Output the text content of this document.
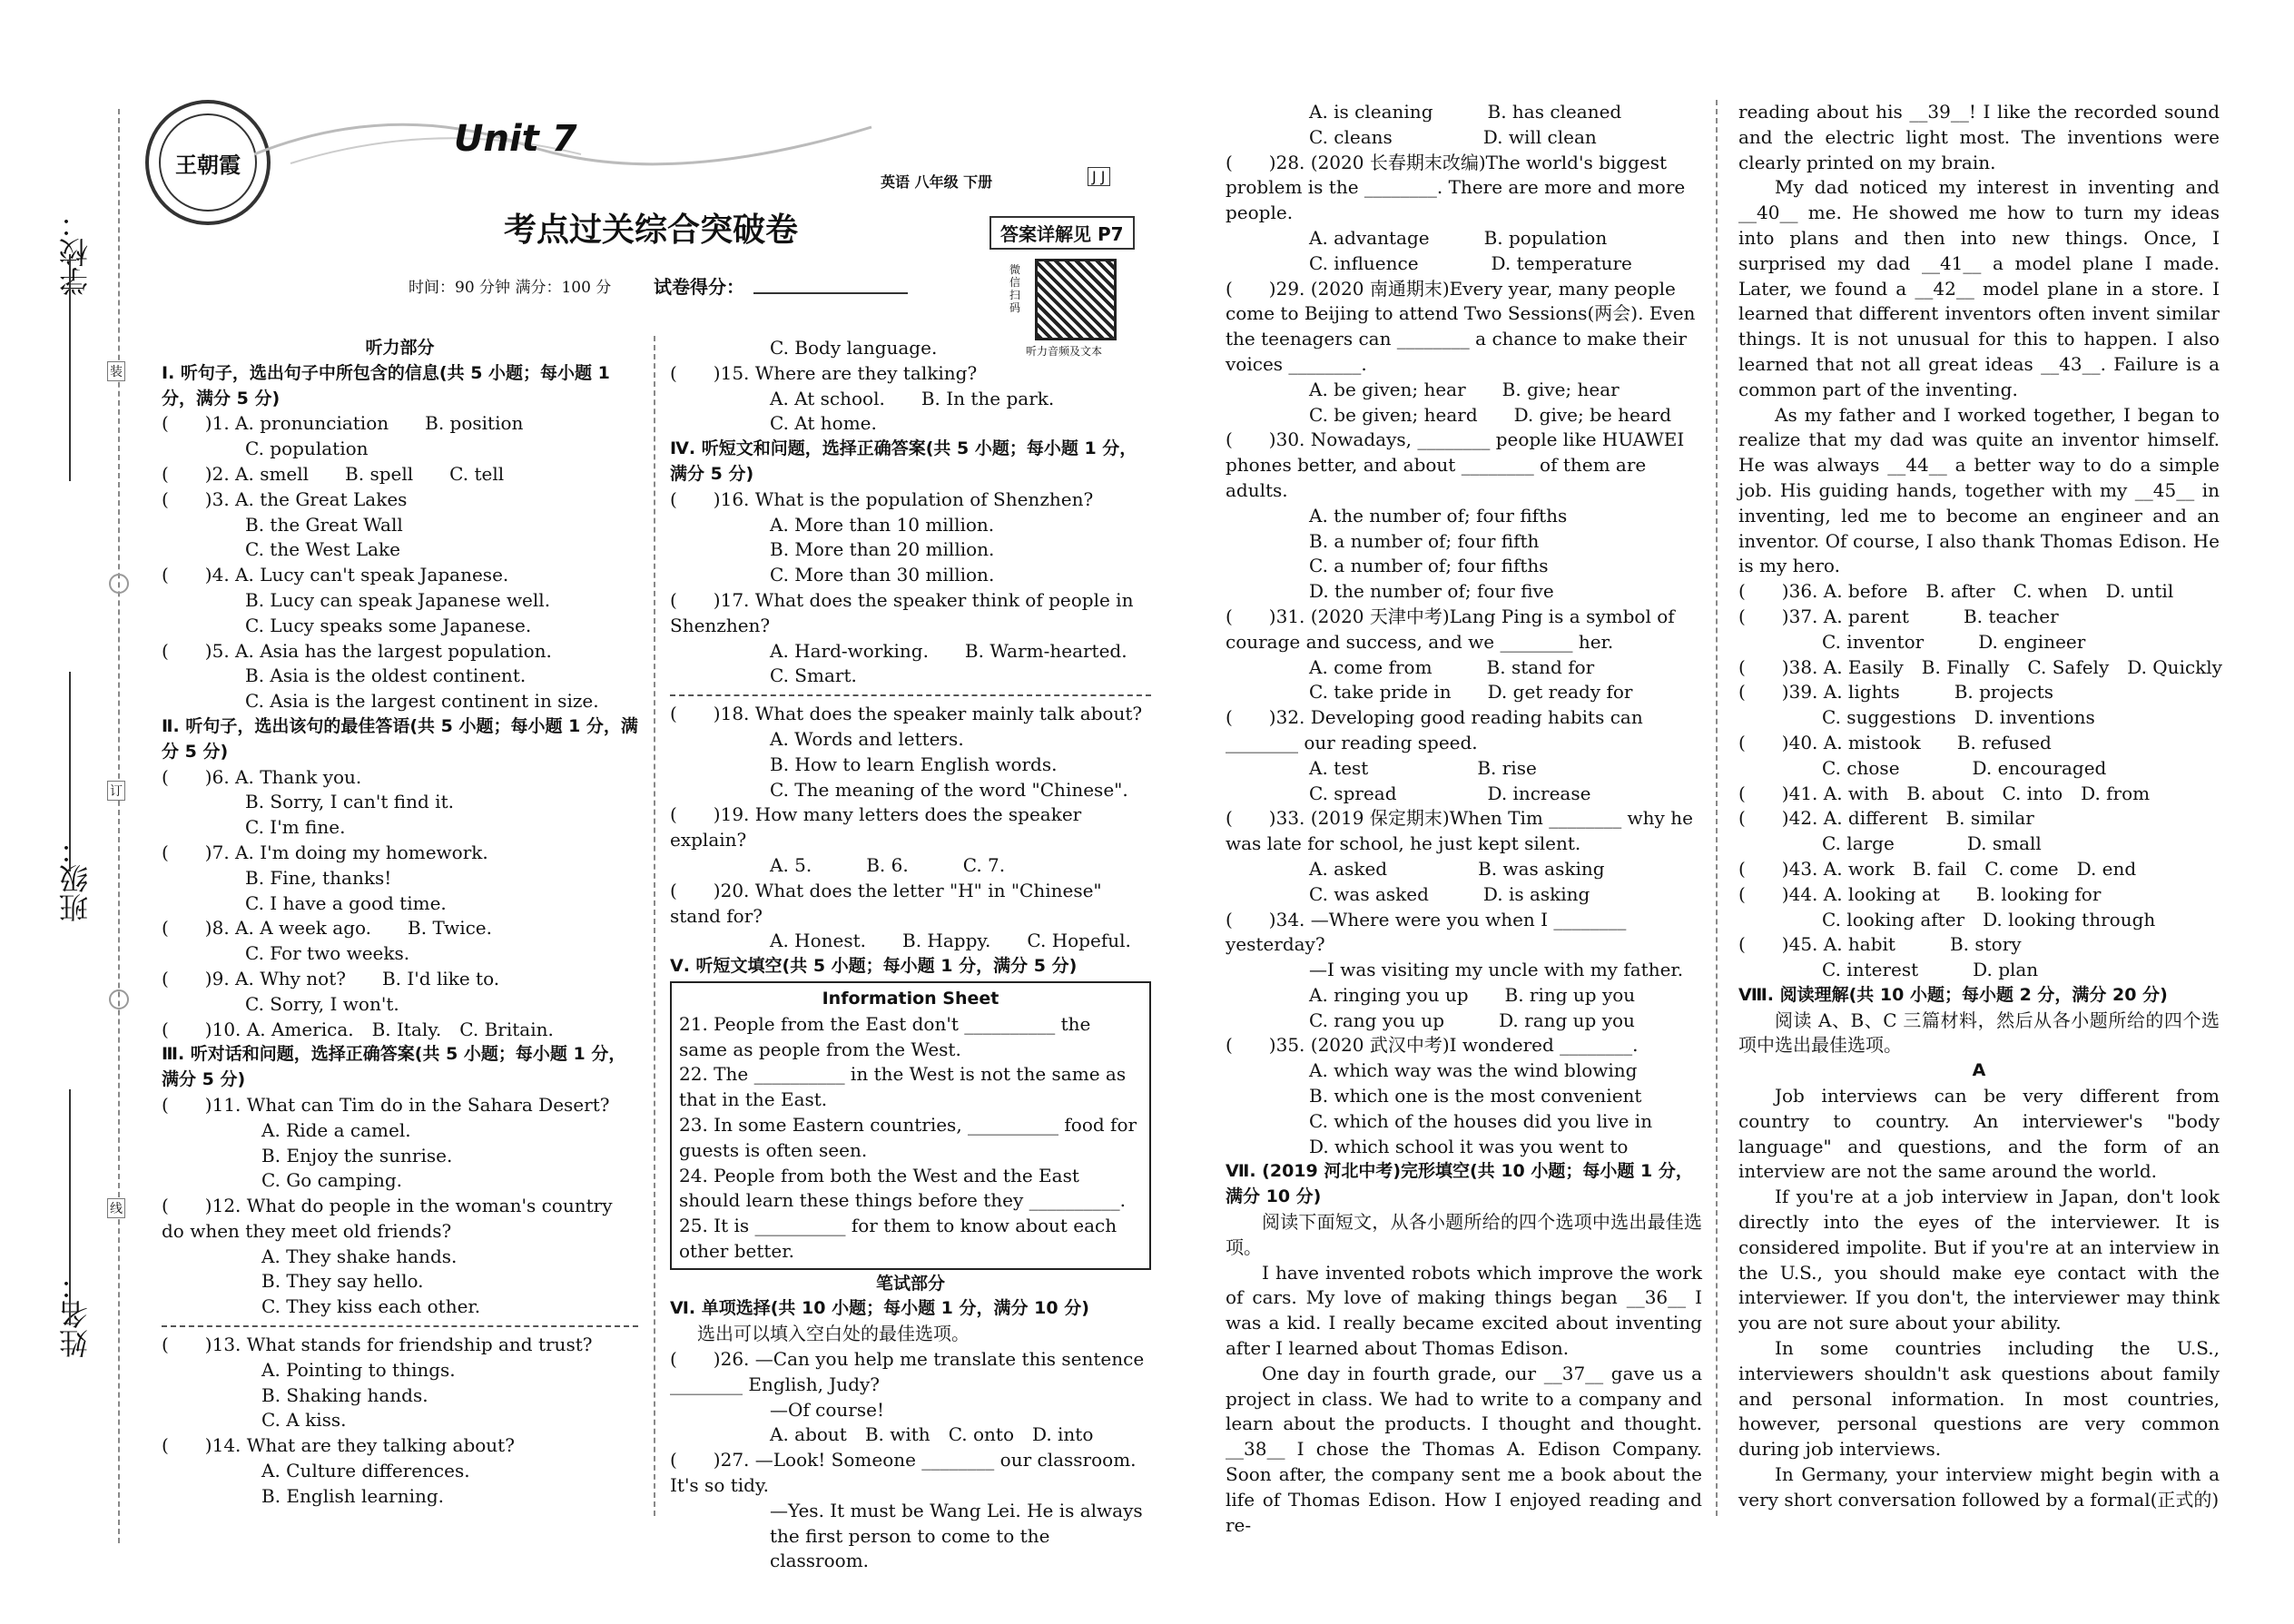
学校：
班级：
姓名：
装
订
线
王朝霞
Unit 7
英语 八年级 下册	J J
考点过关综合突破卷	答案详解见 P7
时间：90 分钟 满分：100 分 试卷得分：
微信扫码
听力音频及文本
听力部分
Ⅰ. 听句子，选出句子中所包含的信息(共 5 小题；每小题 1 分，满分 5 分)
(　　)1. A. pronunciation　　B. position
C. population
(　　)2. A. smell　　B. spell　　C. tell
(　　)3. A. the Great Lakes
B. the Great Wall
C. the West Lake
(　　)4. A. Lucy can't speak Japanese.
B. Lucy can speak Japanese well.
C. Lucy speaks some Japanese.
(　　)5. A. Asia has the largest population.
B. Asia is the oldest continent.
C. Asia is the largest continent in size.
Ⅱ. 听句子，选出该句的最佳答语(共 5 小题；每小题 1 分，满分 5 分)
(　　)6. A. Thank you.
B. Sorry, I can't find it.
C. I'm fine.
(　　)7. A. I'm doing my homework.
B. Fine, thanks!
C. I have a good time.
(　　)8. A. A week ago.　　B. Twice.
C. For two weeks.
(　　)9. A. Why not?　　B. I'd like to.
C. Sorry, I won't.
(　　)10. A. America.　B. Italy.　C. Britain.
Ⅲ. 听对话和问题，选择正确答案(共 5 小题；每小题 1 分，满分 5 分)
(　　)11. What can Tim do in the Sahara Desert?
A. Ride a camel.
B. Enjoy the sunrise.
C. Go camping.
(　　)12. What do people in the woman's country do when they meet old friends?
A. They shake hands.
B. They say hello.
C. They kiss each other.
(　　)13. What stands for friendship and trust?
A. Pointing to things.
B. Shaking hands.
C. A kiss.
(　　)14. What are they talking about?
A. Culture differences.
B. English learning.
C. Body language.
(　　)15. Where are they talking?
A. At school.　　B. In the park.
C. At home.
Ⅳ. 听短文和问题，选择正确答案(共 5 小题；每小题 1 分，满分 5 分)
(　　)16. What is the population of Shenzhen?
A. More than 10 million.
B. More than 20 million.
C. More than 30 million.
(　　)17. What does the speaker think of people in Shenzhen?
A. Hard-working.　　B. Warm-hearted.
C. Smart.
(　　)18. What does the speaker mainly talk about?
A. Words and letters.
B. How to learn English words.
C. The meaning of the word "Chinese".
(　　)19. How many letters does the speaker explain?
A. 5.　　　B. 6.　　　C. 7.
(　　)20. What does the letter "H" in "Chinese" stand for?
A. Honest.　　B. Happy.　　C. Hopeful.
Ⅴ. 听短文填空(共 5 小题；每小题 1 分，满分 5 分)
Information Sheet
21. People from the East don't __________ the same as people from the West.
22. The __________ in the West is not the same as that in the East.
23. In some Eastern countries, __________ food for guests is often seen.
24. People from both the West and the East should learn these things before they __________.
25. It is __________ for them to know about each other better.
笔试部分
Ⅵ. 单项选择(共 10 小题；每小题 1 分，满分 10 分)
选出可以填入空白处的最佳选项。
(　　)26. —Can you help me translate this sentence ________ English, Judy?
—Of course!
A. about　B. with　C. onto　D. into
(　　)27. —Look! Someone ________ our classroom. It's so tidy.
—Yes. It must be Wang Lei. He is always the first person to come to the classroom.
A. is cleaning　　　B. has cleaned
C. cleans　　　　　D. will clean
(　　)28. (2020 长春期末改编)The world's biggest problem is the ________. There are more and more people.
A. advantage　　　B. population
C. influence　　　　D. temperature
(　　)29. (2020 南通期末)Every year, many people come to Beijing to attend Two Sessions(两会). Even the teenagers can ________ a chance to make their voices ________.
A. be given; hear　　B. give; hear
C. be given; heard　　D. give; be heard
(　　)30. Nowadays, ________ people like HUAWEI phones better, and about ________ of them are adults.
A. the number of; four fifths
B. a number of; four fifth
C. a number of; four fifths
D. the number of; four five
(　　)31. (2020 天津中考)Lang Ping is a symbol of courage and success, and we ________ her.
A. come from　　　B. stand for
C. take pride in　　D. get ready for
(　　)32. Developing good reading habits can ________ our reading speed.
A. test　　　　　　B. rise
C. spread　　　　　D. increase
(　　)33. (2019 保定期末)When Tim ________ why he was late for school, he just kept silent.
A. asked　　　　　B. was asking
C. was asked　　　D. is asking
(　　)34. —Where were you when I ________ yesterday?
—I was visiting my uncle with my father.
A. ringing you up　　B. ring up you
C. rang you up　　　D. rang up you
(　　)35. (2020 武汉中考)I wondered ________.
A. which way was the wind blowing
B. which one is the most convenient
C. which of the houses did you live in
D. which school it was you went to
Ⅶ. (2019 河北中考)完形填空(共 10 小题；每小题 1 分，满分 10 分)
阅读下面短文，从各小题所给的四个选项中选出最佳选项。
I have invented robots which improve the work of cars. My love of making things began __36__ I was a kid. I really became excited about inventing after I learned about Thomas Edison.
One day in fourth grade, our __37__ gave us a project in class. We had to write to a company and learn about the products. I thought and thought. __38__ I chose the Thomas A. Edison Company. Soon after, the company sent me a book about the life of Thomas Edison. How I enjoyed reading and re-
reading about his __39__! I like the recorded sound and the electric light most. The inventions were clearly printed on my brain.
My dad noticed my interest in inventing and __40__ me. He showed me how to turn my ideas into plans and then into new things. Once, I surprised my dad __41__ a model plane I made. Later, we found a __42__ model plane in a store. I learned that different inventors often invent similar things. It is not unusual for this to happen. I also learned that not all great ideas __43__. Failure is a common part of the inventing.
As my father and I worked together, I began to realize that my dad was quite an inventor himself. He was always __44__ a better way to do a simple job. His guiding hands, together with my __45__ in inventing, led me to become an engineer and an inventor. Of course, I also thank Thomas Edison. He is my hero.
(　　)36. A. before　B. after　C. when　D. until
(　　)37. A. parent　　　B. teacher
C. inventor　　　D. engineer
(　　)38. A. Easily　B. Finally　C. Safely　D. Quickly
(　　)39. A. lights　　　B. projects
C. suggestions　D. inventions
(　　)40. A. mistook　　B. refused
C. chose　　　　D. encouraged
(　　)41. A. with　B. about　C. into　D. from
(　　)42. A. different　B. similar
C. large　　　　D. small
(　　)43. A. work　B. fail　C. come　D. end
(　　)44. A. looking at　　B. looking for
C. looking after　D. looking through
(　　)45. A. habit　　　B. story
C. interest　　　D. plan
Ⅷ. 阅读理解(共 10 小题；每小题 2 分，满分 20 分)
阅读 A、B、C 三篇材料，然后从各小题所给的四个选项中选出最佳选项。
A
Job interviews can be very different from country to country. An interviewer's "body language" and questions, and the form of an interview are not the same around the world.
If you're at a job interview in Japan, don't look directly into the eyes of the interviewer. It is considered impolite. But if you're at an interview in the U.S., you should make eye contact with the interviewer. If you don't, the interviewer may think you are not sure about your ability.
In some countries including the U.S., interviewers shouldn't ask questions about family and personal information. In most countries, however, personal questions are very common during job interviews.
In Germany, your interview might begin with a very short conversation followed by a formal(正式的)
